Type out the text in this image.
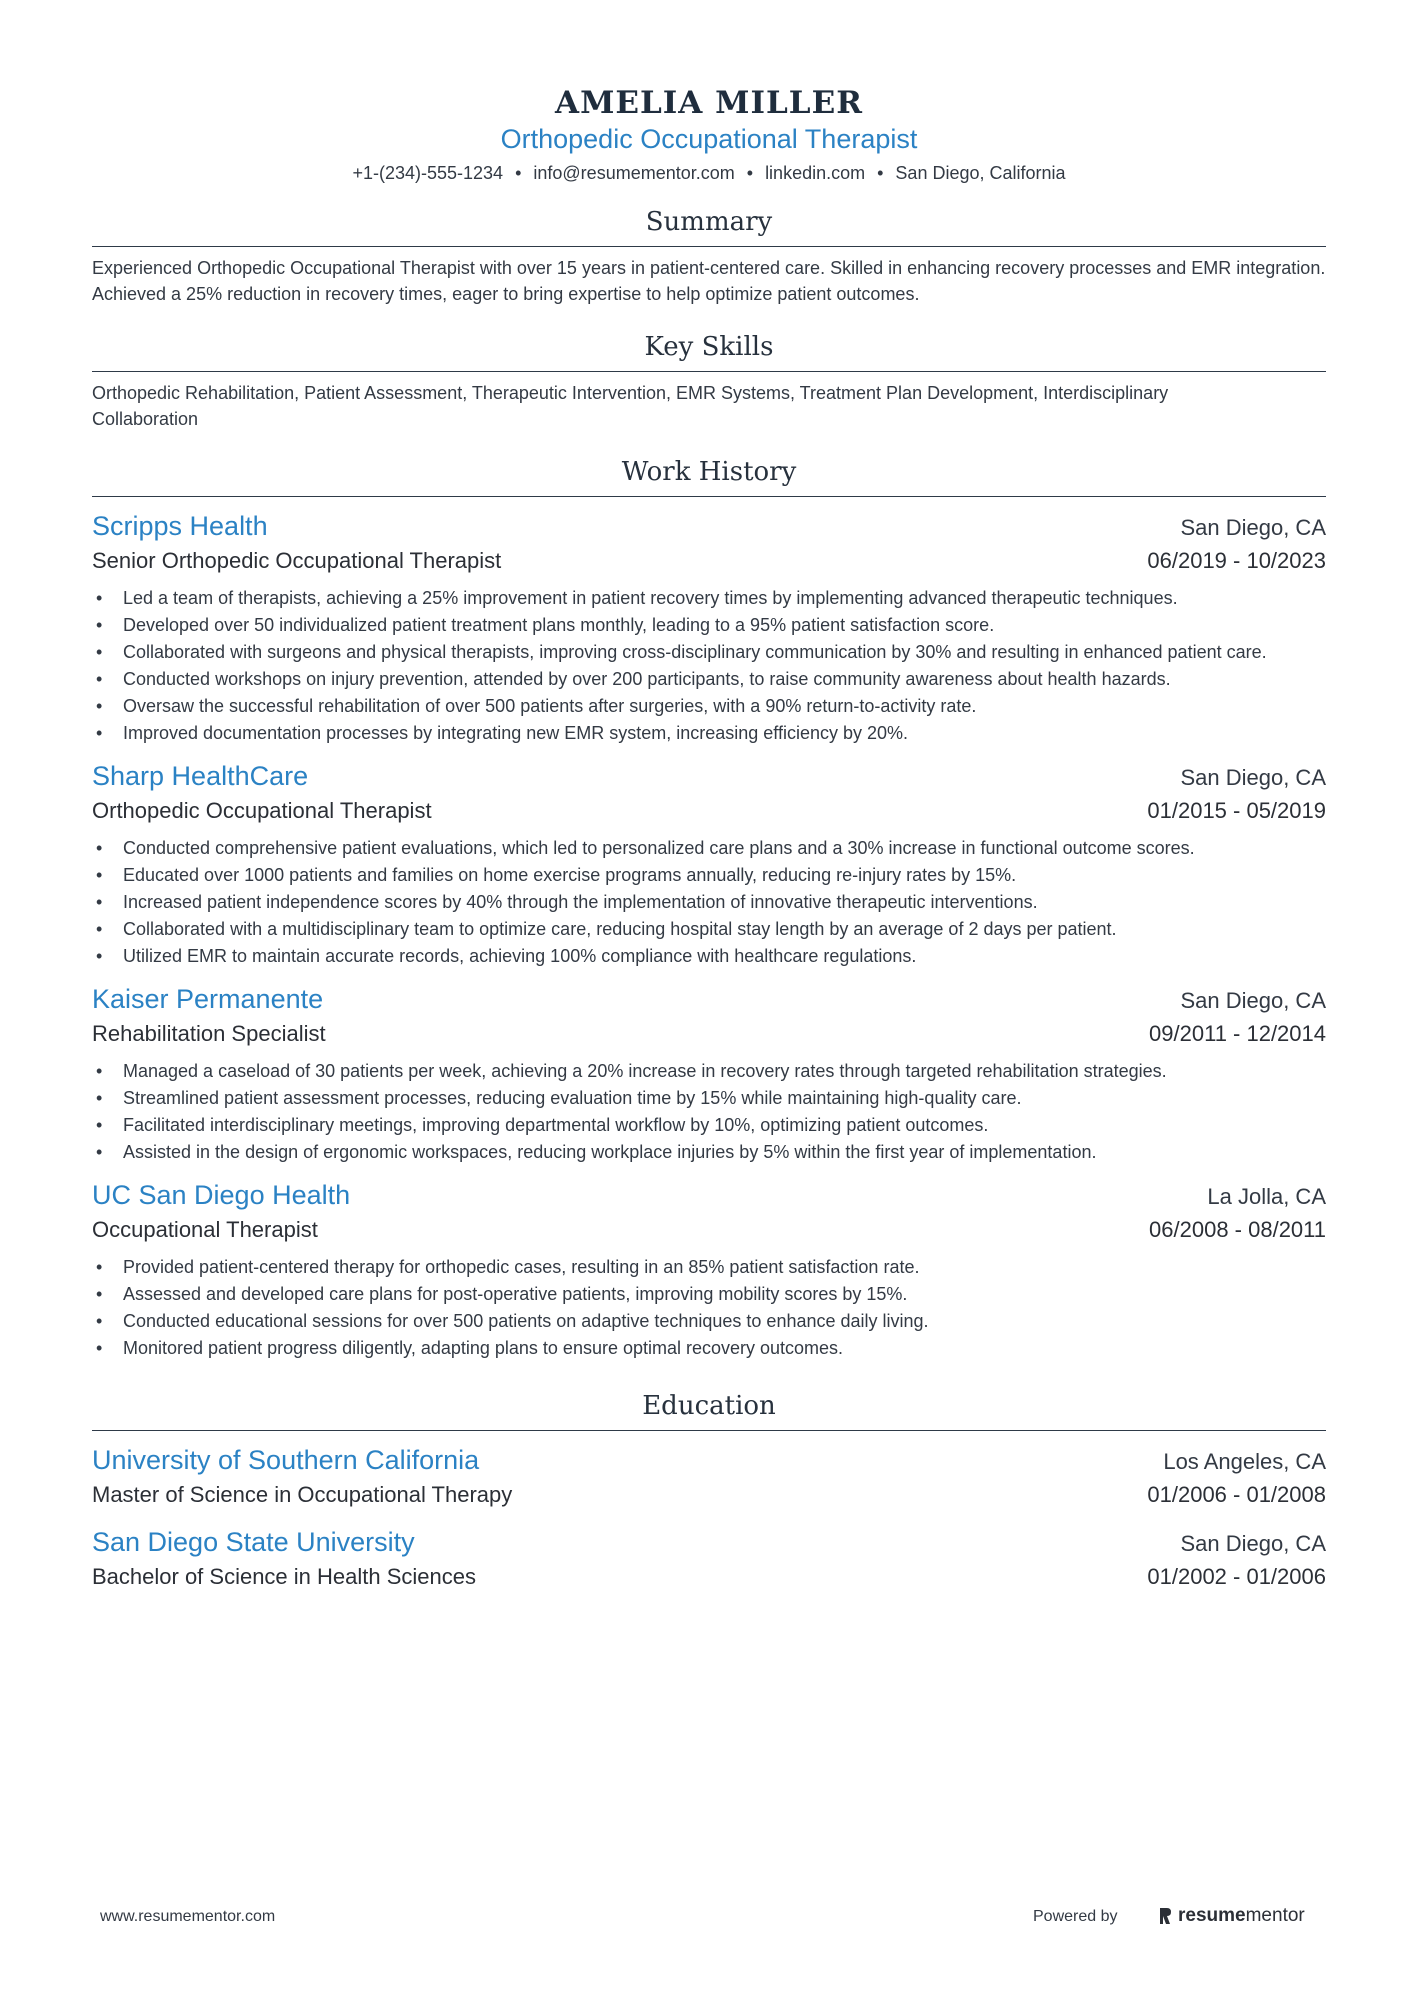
AMELIA MILLER
Orthopedic Occupational Therapist
+1-(234)-555-1234 • info@resumementor.com • linkedin.com • San Diego, California
Summary
Experienced Orthopedic Occupational Therapist with over 15 years in patient-centered care. Skilled in enhancing recovery processes and EMR integration. Achieved a 25% reduction in recovery times, eager to bring expertise to help optimize patient outcomes.
Key Skills
Orthopedic Rehabilitation, Patient Assessment, Therapeutic Intervention, EMR Systems, Treatment Plan Development, Interdisciplinary Collaboration
Work History
Scripps Health	San Diego, CA
Senior Orthopedic Occupational Therapist	06/2019 - 10/2023
• Led a team of therapists, achieving a 25% improvement in patient recovery times by implementing advanced therapeutic techniques.
• Developed over 50 individualized patient treatment plans monthly, leading to a 95% patient satisfaction score.
• Collaborated with surgeons and physical therapists, improving cross-disciplinary communication by 30% and resulting in enhanced patient care.
• Conducted workshops on injury prevention, attended by over 200 participants, to raise community awareness about health hazards.
• Oversaw the successful rehabilitation of over 500 patients after surgeries, with a 90% return-to-activity rate.
• Improved documentation processes by integrating new EMR system, increasing efficiency by 20%.
Sharp HealthCare	San Diego, CA
Orthopedic Occupational Therapist	01/2015 - 05/2019
• Conducted comprehensive patient evaluations, which led to personalized care plans and a 30% increase in functional outcome scores.
• Educated over 1000 patients and families on home exercise programs annually, reducing re-injury rates by 15%.
• Increased patient independence scores by 40% through the implementation of innovative therapeutic interventions.
• Collaborated with a multidisciplinary team to optimize care, reducing hospital stay length by an average of 2 days per patient.
• Utilized EMR to maintain accurate records, achieving 100% compliance with healthcare regulations.
Kaiser Permanente	San Diego, CA
Rehabilitation Specialist	09/2011 - 12/2014
• Managed a caseload of 30 patients per week, achieving a 20% increase in recovery rates through targeted rehabilitation strategies.
• Streamlined patient assessment processes, reducing evaluation time by 15% while maintaining high-quality care.
• Facilitated interdisciplinary meetings, improving departmental workflow by 10%, optimizing patient outcomes.
• Assisted in the design of ergonomic workspaces, reducing workplace injuries by 5% within the first year of implementation.
UC San Diego Health	La Jolla, CA
Occupational Therapist	06/2008 - 08/2011
• Provided patient-centered therapy for orthopedic cases, resulting in an 85% patient satisfaction rate.
• Assessed and developed care plans for post-operative patients, improving mobility scores by 15%.
• Conducted educational sessions for over 500 patients on adaptive techniques to enhance daily living.
• Monitored patient progress diligently, adapting plans to ensure optimal recovery outcomes.
Education
University of Southern California	Los Angeles, CA
Master of Science in Occupational Therapy	01/2006 - 01/2008
San Diego State University	San Diego, CA
Bachelor of Science in Health Sciences	01/2002 - 01/2006
www.resumementor.com	Powered by	resumementor
